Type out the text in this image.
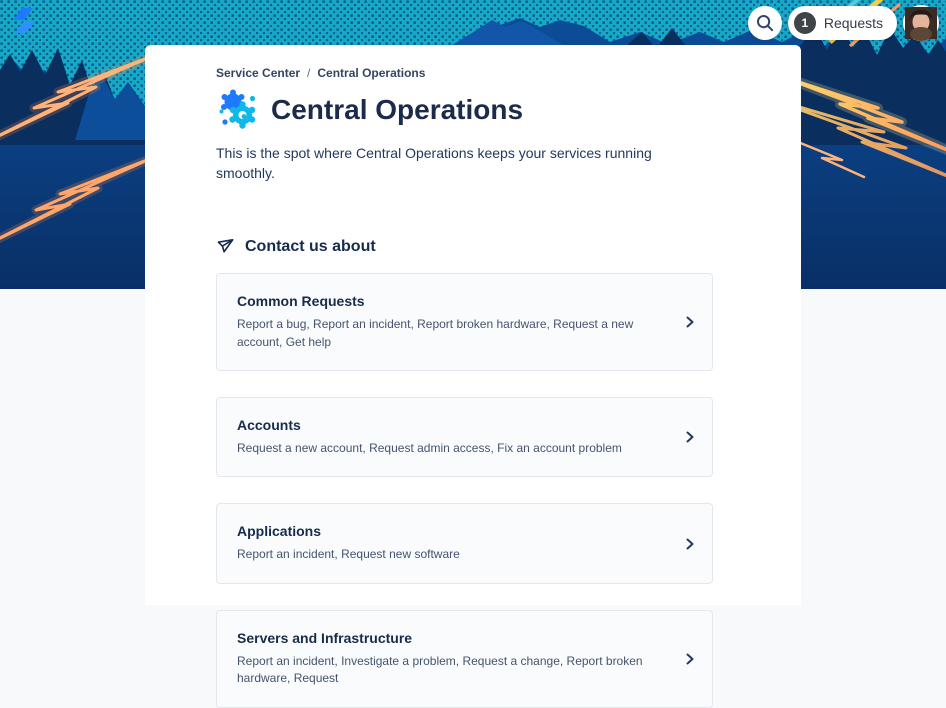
1	Requests
Service Center / Central Operations
Central Operations

This is the spot where Central Operations keeps your services running smoothly.

Contact us about
Common Requests
Report a bug, Report an incident, Report broken hardware, Request a new account, Get help
Accounts
Request a new account, Request admin access, Fix an account problem
Applications
Report an incident, Request new software
Servers and Infrastructure
Report an incident, Investigate a problem, Request a change, Report broken hardware, Request
